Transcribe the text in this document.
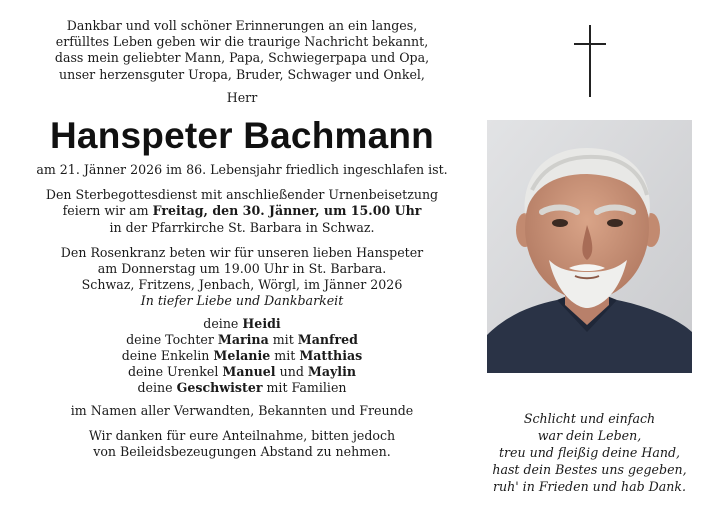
Dankbar und voll schöner Erinnerungen an ein langes,

erfülltes Leben geben wir die traurige Nachricht bekannt,

dass mein geliebter Mann, Papa, Schwiegerpapa und Opa,

unser herzensguter Uropa, Bruder, Schwager und Onkel,

Herr

Hanspeter Bachmann

am 21. Jänner 2026 im 86. Lebensjahr friedlich ingeschlafen ist.

Den Sterbegottesdienst mit anschließender Urnenbeisetzung

feiern wir am Freitag, den 30. Jänner, um 15.00 Uhr

in der Pfarrkirche St. Barbara in Schwaz.

Den Rosenkranz beten wir für unseren lieben Hanspeter

am Donnerstag um 19.00 Uhr in St. Barbara.

Schwaz, Fritzens, Jenbach, Wörgl, im Jänner 2026

In tiefer Liebe und Dankbarkeit

deine Heidi

deine Tochter Marina mit Manfred

deine Enkelin Melanie mit Matthias

deine Urenkel Manuel und Maylin

deine Geschwister mit Familien

im Namen aller Verwandten, Bekannten und Freunde

Wir danken für eure Anteilnahme, bitten jedoch

von Beileidsbezeugungen Abstand zu nehmen.

Schlicht und einfach

war dein Leben,

treu und fleißig deine Hand,

hast dein Bestes uns gegeben,

ruh' in Frieden und hab Dank.
